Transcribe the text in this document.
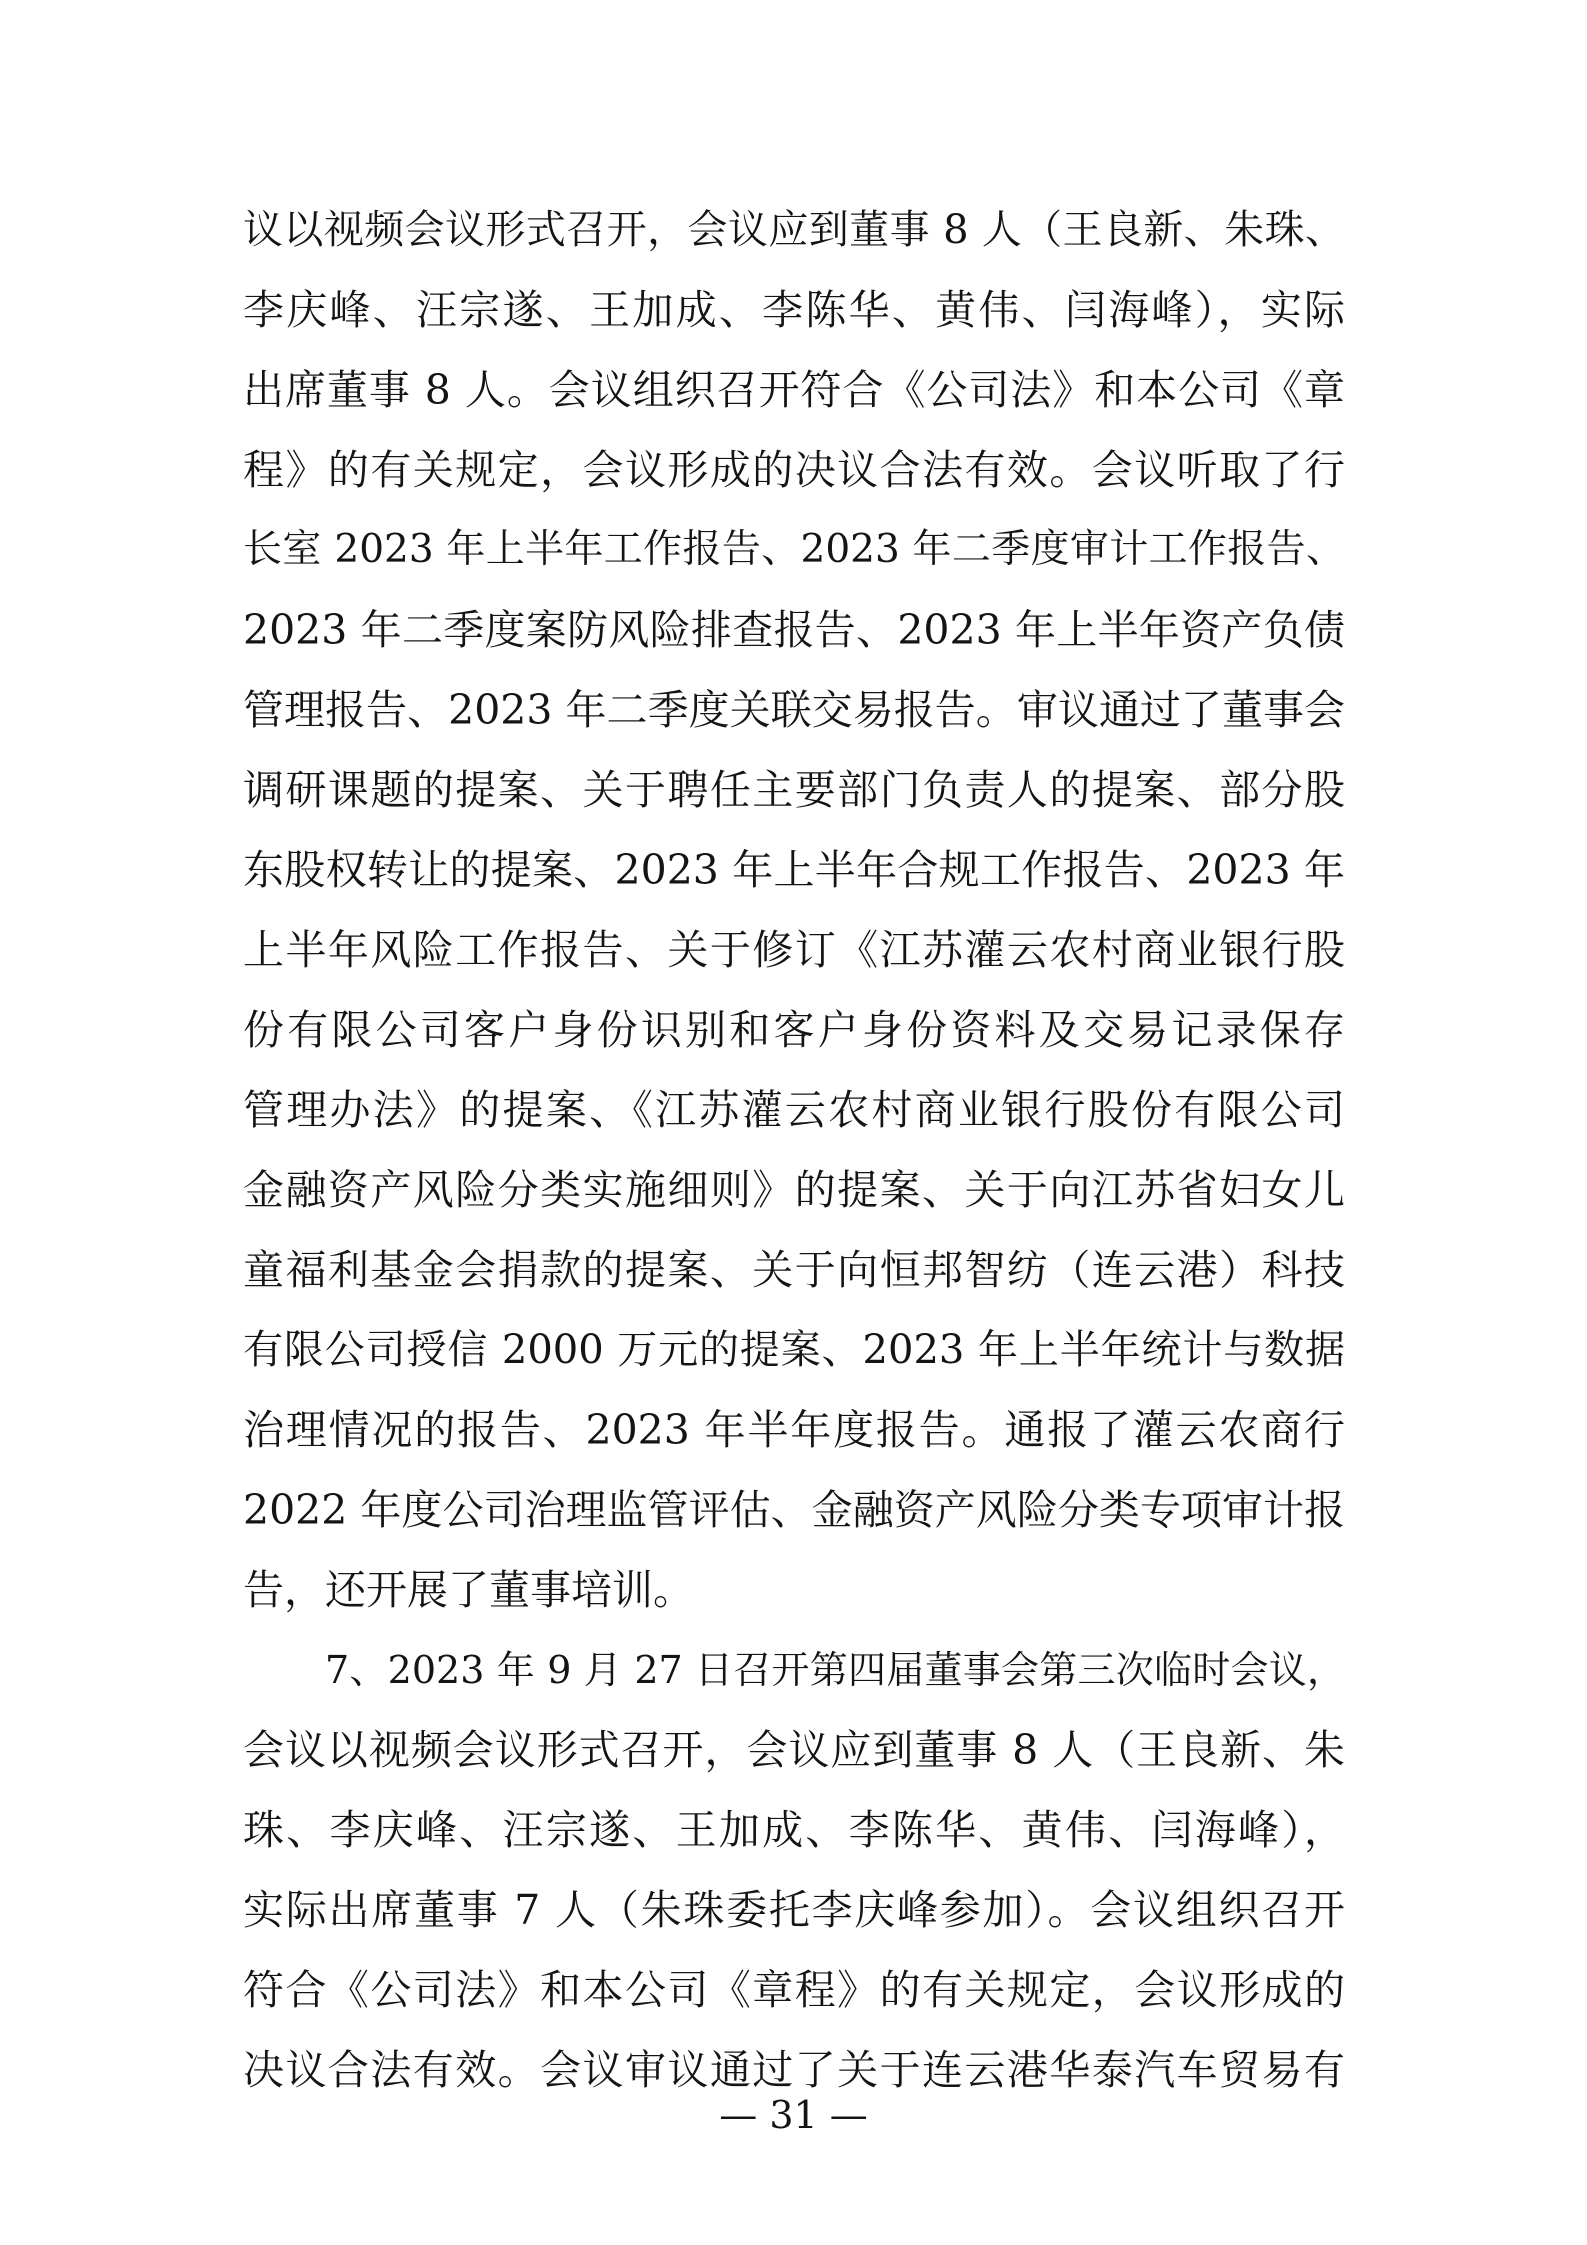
议以视频会议形式召开，会议应到董事 8 人（王良新、朱珠、
李庆峰、汪宗遂、王加成、李陈华、黄伟、闫海峰），实际
出席董事 8 人。会议组织召开符合《公司法》和本公司《章
程》的有关规定，会议形成的决议合法有效。会议听取了行
长室 2023 年上半年工作报告、2023 年二季度审计工作报告、
2023 年二季度案防风险排查报告、2023 年上半年资产负债
管理报告、2023 年二季度关联交易报告。审议通过了董事会
调研课题的提案、关于聘任主要部门负责人的提案、部分股
东股权转让的提案、2023 年上半年合规工作报告、2023 年
上半年风险工作报告、关于修订《江苏灌云农村商业银行股
份有限公司客户身份识别和客户身份资料及交易记录保存
管理办法》的提案、《江苏灌云农村商业银行股份有限公司
金融资产风险分类实施细则》的提案、关于向江苏省妇女儿
童福利基金会捐款的提案、关于向恒邦智纺（连云港）科技
有限公司授信 2000 万元的提案、2023 年上半年统计与数据
治理情况的报告、2023 年半年度报告。通报了灌云农商行
2022 年度公司治理监管评估、金融资产风险分类专项审计报
告，还开展了董事培训。
7、2023 年 9 月 27 日召开第四届董事会第三次临时会议，
会议以视频会议形式召开，会议应到董事 8 人（王良新、朱
珠、李庆峰、汪宗遂、王加成、李陈华、黄伟、闫海峰），
实际出席董事 7 人（朱珠委托李庆峰参加）。会议组织召开
符合《公司法》和本公司《章程》的有关规定，会议形成的
决议合法有效。会议审议通过了关于连云港华泰汽车贸易有
— 31 —
